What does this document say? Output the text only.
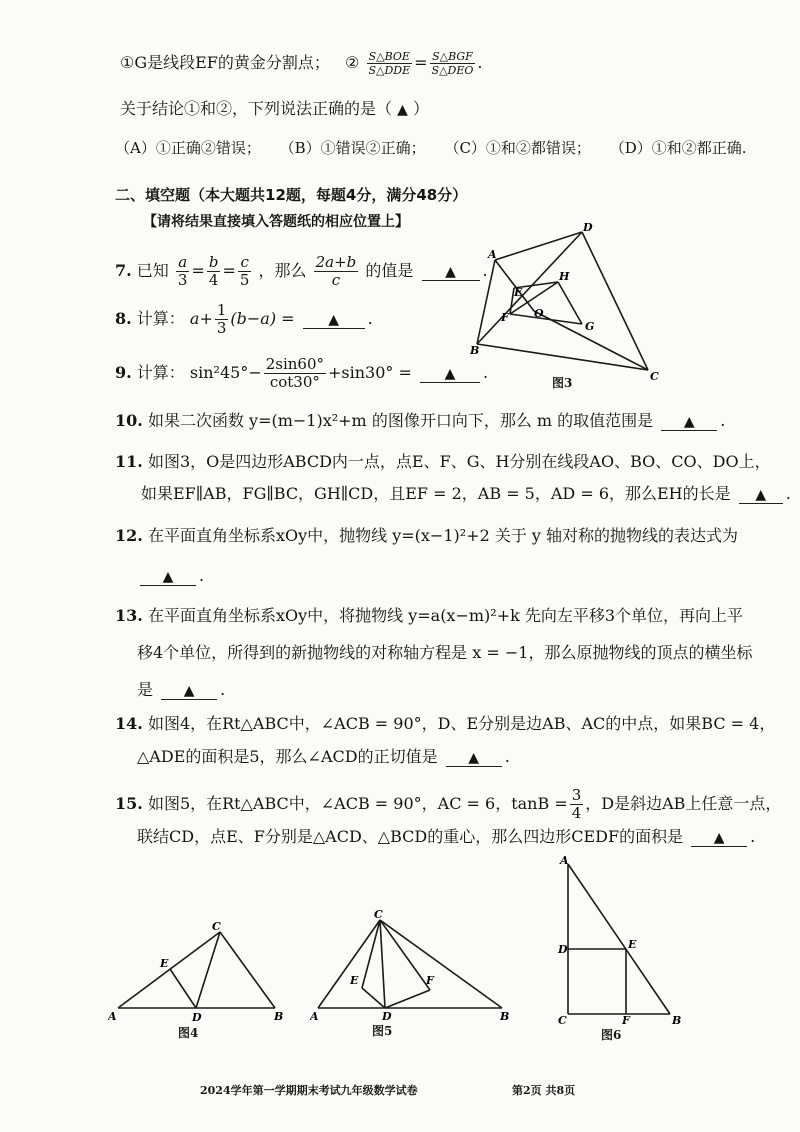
①G是线段EF的黄金分割点； ② $\frac{\text{S△BOE}}{\text{S△DDE}} = \frac{\text{S△BGF}}{\text{S△DEO}}$ .
关于结论①和②，下列说法正确的是（ ▲ ）
（A）①正确②错误； （B）①错误②正确； （C）①和②都错误； （D）①和②都正确.
二、填空题（本大题共12题，每题4分，满分48分）
【请将结果直接填入答题纸的相应位置上】
7. 已知 $\frac{a}{3} = \frac{b}{4} = \frac{c}{5}$ ，那么 $\frac{2a+b}{c}$ 的值是 ▲ .
8. 计算： $a+ \frac{1}{3} (b-a)$ = ▲ .
9. 计算： $\sin^245^\circ- \frac{2\sin 60^\circ}{\cot 30^\circ} +\sin 30^\circ$ = ▲ .
A
B
C
D
E
F
G
H
O
图3
10. 如果二次函数 y=(m−1)x²+m 的图像开口向下，那么 m 的取值范围是 ▲ .
11. 如图3，O是四边形ABCD内一点，点E、F、G、H分别在线段AO、BO、CO、DO上，
如果EF∥AB，FG∥BC，GH∥CD，且EF = 2，AB = 5，AD = 6，那么EH的长是 ▲ .
12. 在平面直角坐标系xOy中，抛物线 y=(x−1)²+2 关于 y 轴对称的抛物线的表达式为
▲ .
13. 在平面直角坐标系xOy中，将抛物线 y=a(x−m)²+k 先向左平移3个单位，再向上平
移4个单位，所得到的新抛物线的对称轴方程是 x = −1，那么原抛物线的顶点的横坐标
是 ▲ .
14. 如图4，在Rt△ABC中，∠ACB = 90°，D、E分别是边AB、AC的中点，如果BC = 4，
△ADE的面积是5，那么∠ACD的正切值是 ▲ .
15. 如图5，在Rt△ABC中，∠ACB = 90°，AC = 6，$\tan B = \frac{3}{4}$ ，D是斜边AB上任意一点，
联结CD，点E、F分别是△ACD、△BCD的重心，那么四边形CEDF的面积是 ▲ .
C
A	B
D
E
图4
C
A	B
D
E	F
图5
A
B
C
D	E
F
图6
2024学年第一学期期末考试九年级数学试卷	第2页 共8页
